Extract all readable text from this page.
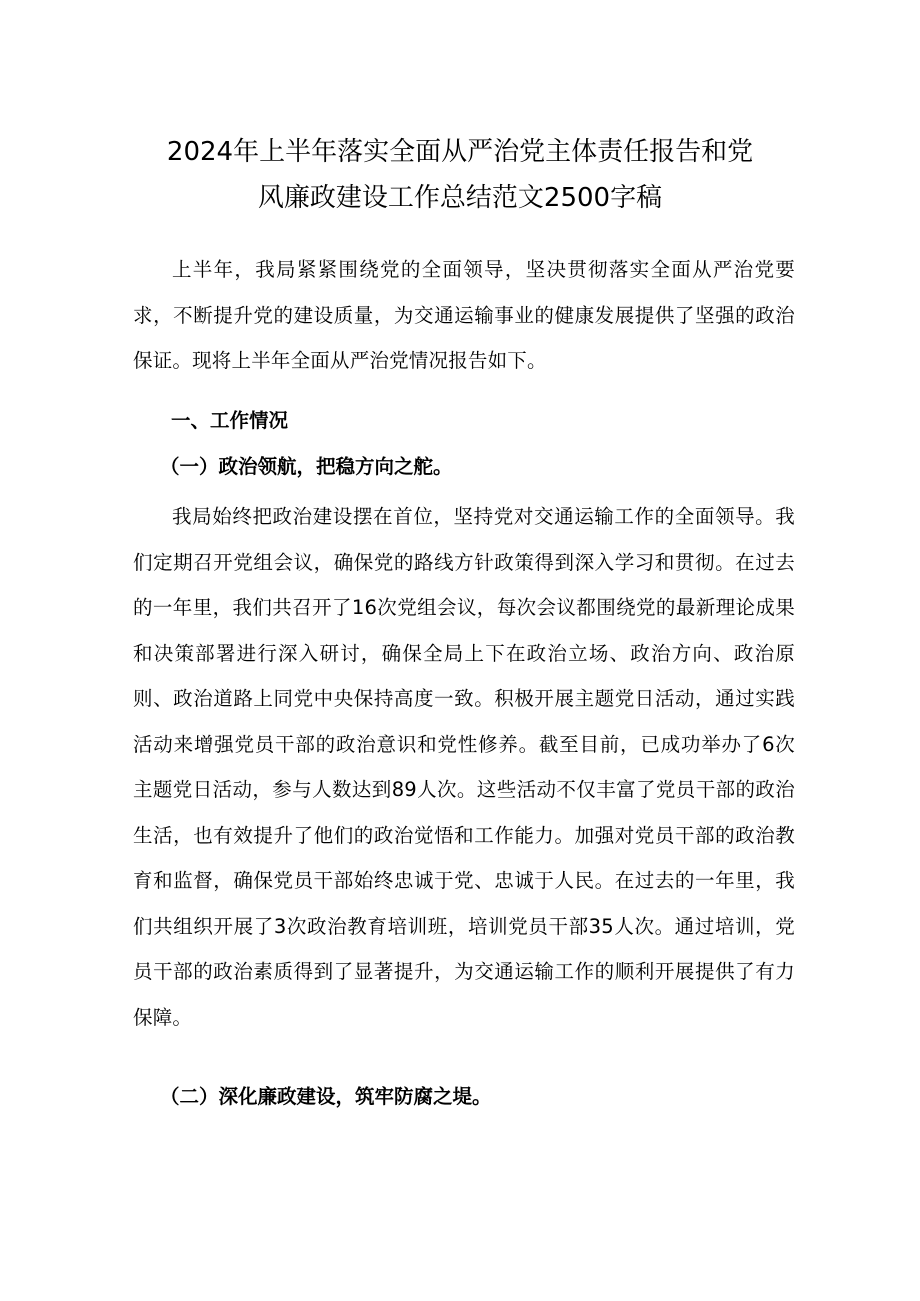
2024年上半年落实全面从严治党主体责任报告和党
风廉政建设工作总结范文2500字稿

上半年，我局紧紧围绕党的全面领导，坚决贯彻落实全面从严治党要求，不断提升党的建设质量，为交通运输事业的健康发展提供了坚强的政治保证。现将上半年全面从严治党情况报告如下。

一、工作情况
（一）政治领航，把稳方向之舵。

我局始终把政治建设摆在首位，坚持党对交通运输工作的全面领导。我们定期召开党组会议，确保党的路线方针政策得到深入学习和贯彻。在过去的一年里，我们共召开了16次党组会议，每次会议都围绕党的最新理论成果和决策部署进行深入研讨，确保全局上下在政治立场、政治方向、政治原则、政治道路上同党中央保持高度一致。积极开展主题党日活动，通过实践活动来增强党员干部的政治意识和党性修养。截至目前，已成功举办了6次主题党日活动，参与人数达到89人次。这些活动不仅丰富了党员干部的政治生活，也有效提升了他们的政治觉悟和工作能力。加强对党员干部的政治教育和监督，确保党员干部始终忠诚于党、忠诚于人民。在过去的一年里，我们共组织开展了3次政治教育培训班，培训党员干部35人次。通过培训，党员干部的政治素质得到了显著提升，为交通运输工作的顺利开展提供了有力保障。

（二）深化廉政建设，筑牢防腐之堤。
